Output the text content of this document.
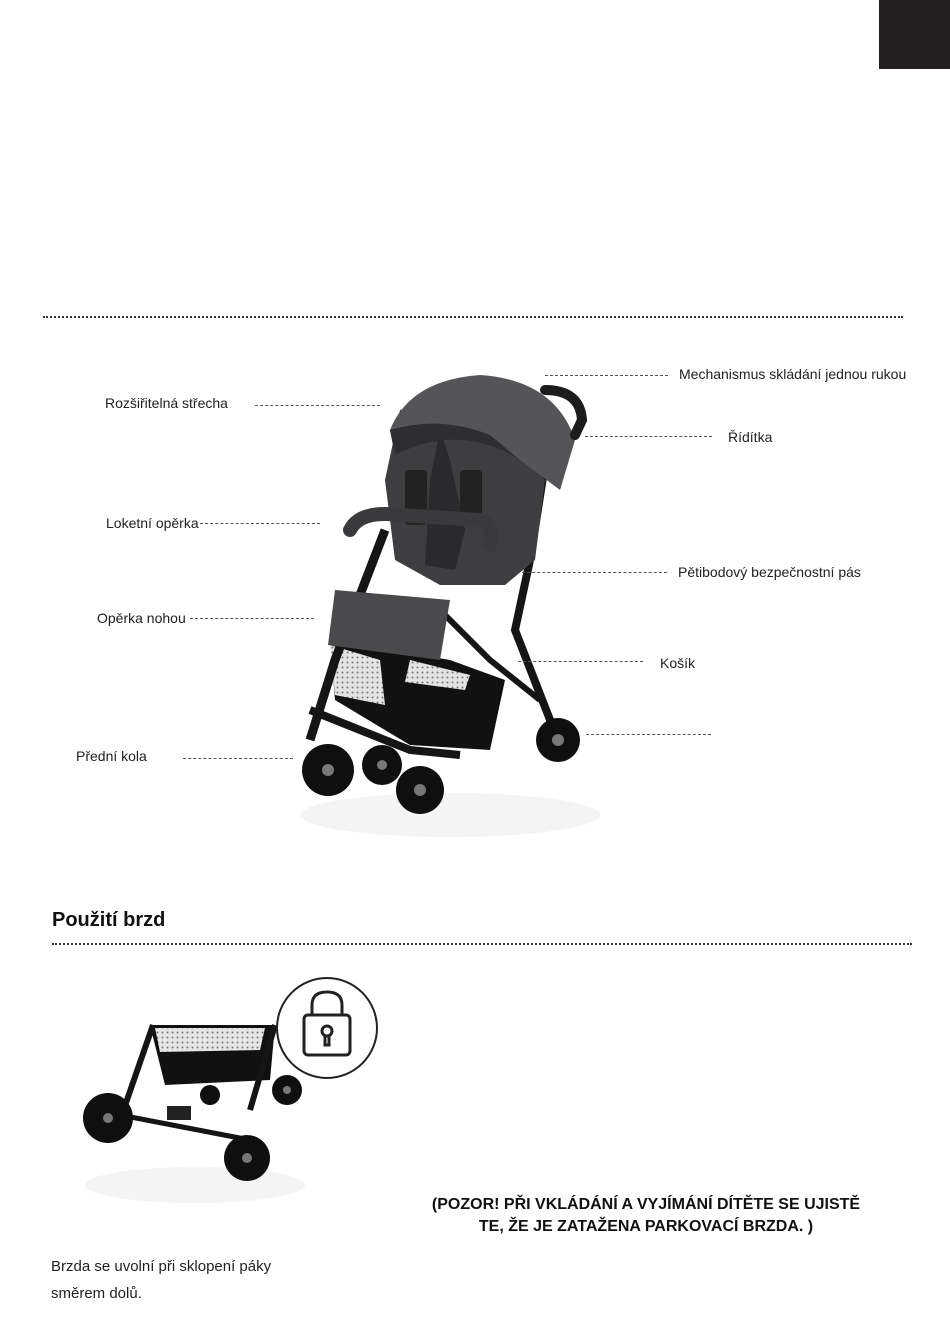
Mechanismus skládání jednou rukou
Rozšiřitelná střecha
Řídítka
Loketní opěrka
Pětibodový bezpečnostní pás
Opěrka nohou
Košík
Přední kola
Použití brzd
(POZOR! PŘI VKLÁDÁNÍ A VYJÍMÁNÍ DÍTĚTE SE UJISTĚ
TE, ŽE JE ZATAŽENA PARKOVACÍ BRZDA. )
Brzda se uvolní při sklopení páky
směrem dolů.
